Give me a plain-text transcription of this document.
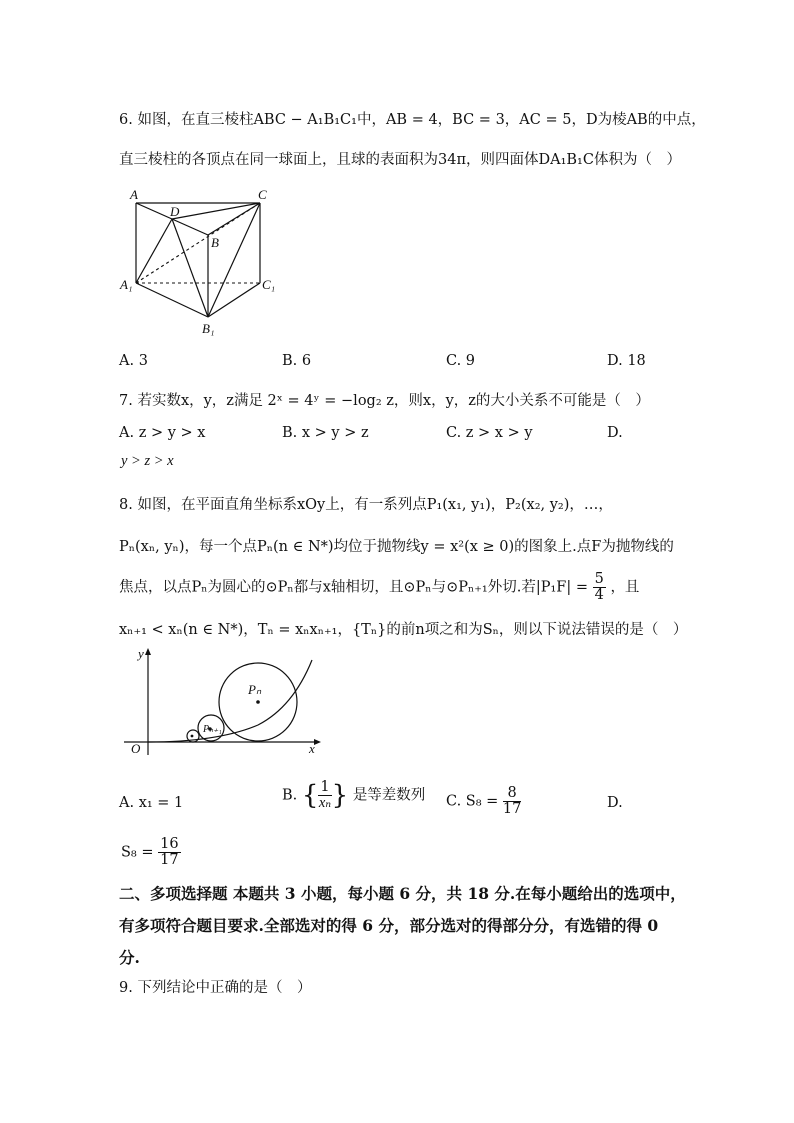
6. 如图，在直三棱柱ABC − A₁B₁C₁中，AB = 4，BC = 3，AC = 5，D为棱AB的中点，
直三棱柱的各顶点在同一球面上，且球的表面积为34π，则四面体DA₁B₁C体积为（　）
A	C
D
B
A₁	C₁
B₁
A. 3	B. 6	C. 9	D. 18
7. 若实数x，y，z满足 2ˣ = 4ʸ = −log₂ z，则x，y，z的大小关系不可能是（　）
A. z > y > x	B. x > y > z	C. z > x > y	D.
y > z > x
8. 如图，在平面直角坐标系xOy上，有一系列点P₁(x₁, y₁)，P₂(x₂, y₂)，…，
Pₙ(xₙ, yₙ)，每一个点Pₙ(n ∈ N*)均位于抛物线y = x²(x ≥ 0)的图象上.点F为抛物线的
焦点，以点Pₙ为圆心的⊙Pₙ都与x轴相切，且⊙Pₙ与⊙Pₙ₊₁外切.若$|P_1F| = \frac{5}{4}$ ，且
xₙ₊₁ < xₙ(n ∈ N*)，Tₙ = xₙxₙ₊₁，{Tₙ}的前n项之和为Sₙ，则以下说法错误的是（　）
y
x
O
Pₙ
Pₙ₊₁
A. x₁ = 1	B. { $\frac{1}{\text{xₙ}}$ } 是等差数列 C. $S_8 = \frac{8}{17}$	D.
$S_8 = \frac{16}{17}$
二、多项选择题 本题共 3 小题，每小题 6 分，共 18 分.在每小题给出的选项中，
有多项符合题目要求.全部选对的得 6 分，部分选对的得部分分，有选错的得 0
分.
9. 下列结论中正确的是（　）
